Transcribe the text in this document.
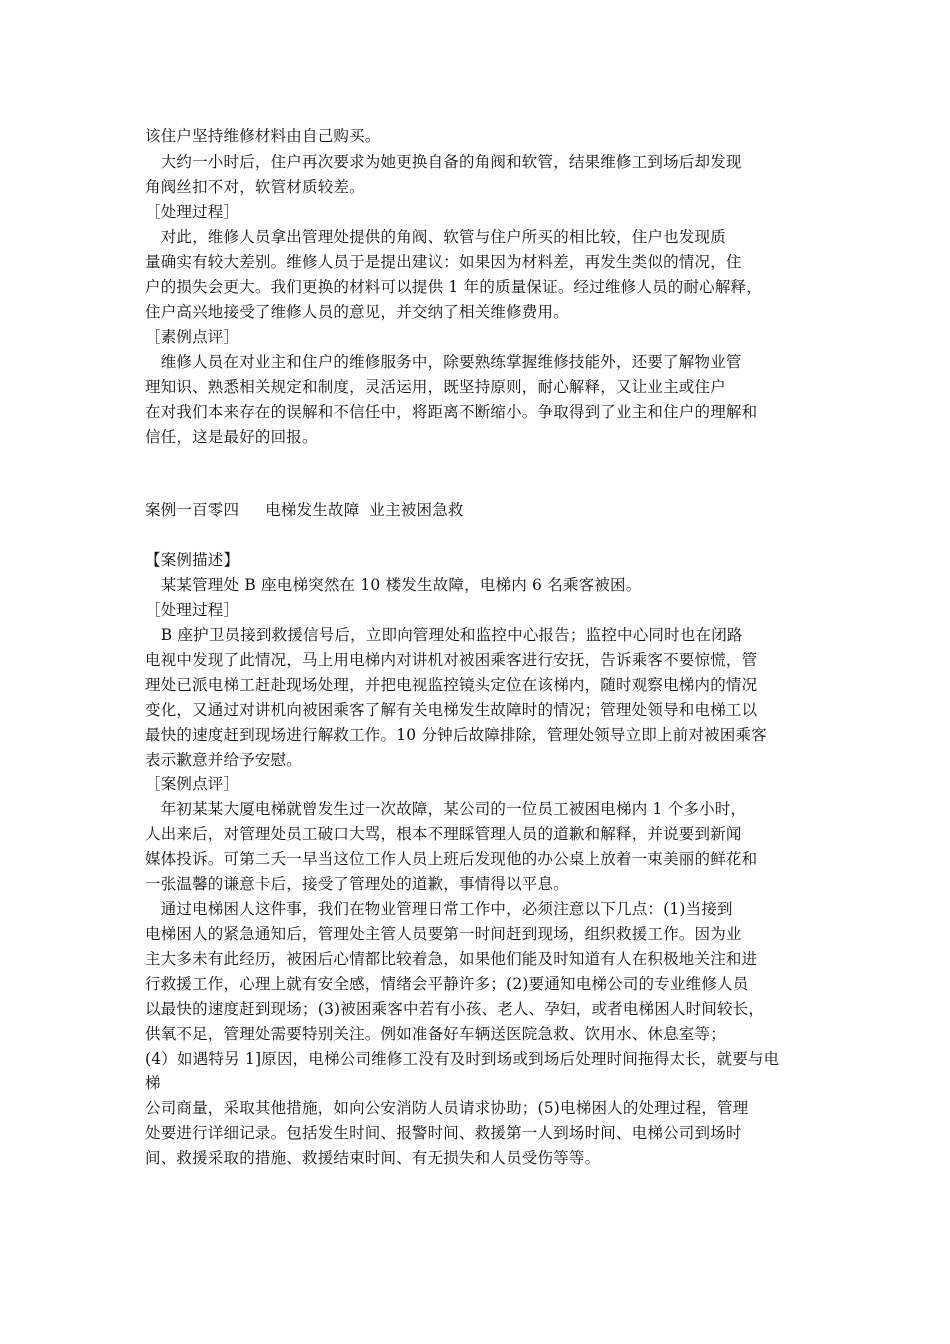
该住户坚持维修材料由自己购买。
　大约一小时后，住户再次要求为她更换自备的角阀和软管，结果维修工到场后却发现
角阀丝扣不对，软管材质较差。
［处理过程］
　对此，维修人员拿出管理处提供的角阀、软管与住户所买的相比较，住户也发现质
量确实有较大差别。维修人员于是提出建议：如果因为材料差，再发生类似的情况，住
户的损失会更大。我们更换的材料可以提供 1 年的质量保证。经过维修人员的耐心解释，
住户高兴地接受了维修人员的意见，并交纳了相关维修费用。
［素例点评］
　维修人员在对业主和住户的维修服务中，除要熟练掌握维修技能外，还要了解物业管
理知识、熟悉相关规定和制度，灵活运用，既坚持原则，耐心解释，又让业主或住户
在对我们本来存在的误解和不信任中，将距离不断缩小。争取得到了业主和住户的理解和
信任，这是最好的回报。
案例一百零四 电梯发生故障 业主被困急救
【案例描述】
　某某管理处 B 座电梯突然在 10 楼发生故障，电梯内 6 名乘客被困。
［处理过程］
　B 座护卫员接到救援信号后，立即向管理处和监控中心报告；监控中心同时也在闭路
电视中发现了此情况，马上用电梯内对讲机对被困乘客进行安抚，告诉乘客不要惊慌，管
理处已派电梯工赶赴现场处理，并把电视监控镜头定位在该梯内，随时观察电梯内的情况
变化，又通过对讲机向被困乘客了解有关电梯发生故障时的情况；管理处领导和电梯工以
最快的速度赶到现场进行解救工作。10 分钟后故障排除，管理处领导立即上前对被困乘客
表示歉意并给予安慰。
［案例点评］
　年初某某大厦电梯就曾发生过一次故障，某公司的一位员工被困电梯内 1 个多小时，
人出来后，对管理处员工破口大骂，根本不理睬管理人员的道歉和解释，并说要到新闻
媒体投诉。可第二夭一早当这位工作人员上班后发现他的办公桌上放着一束美丽的鲜花和
一张温馨的谦意卡后，接受了管理处的道歉，事情得以平息。
　通过电梯困人这件事，我们在物业管理日常工作中，必须注意以下几点：(1)当接到
电梯困人的紧急通知后，管理处主管人员要第一时间赶到现场，组织救援工作。因为业
主大多未有此经历，被困后心情都比较着急，如果他们能及时知道有人在积极地关注和进
行救援工作，心理上就有安全感，情绪会平静许多；(2)要通知电梯公司的专业维修人员
以最快的速度赶到现场；(3)被困乘客中若有小孩、老人、孕妇，或者电梯困人时间较长，
供氧不足，管理处需要特别关注。例如准备好车辆送医院急救、饮用水、休息室等；
(4）如遇特另 1]原因，电梯公司维修工没有及时到场或到场后处理时间拖得太长，就要与电
梯
公司商量，采取其他措施，如向公安消防人员请求协助；(5)电梯困人的处理过程，管理
处要进行详细记录。包括发生时间、报警时间、救援第一人到场时间、电梯公司到场时
间、救援采取的措施、救援结束时间、有无损失和人员受伤等等。
